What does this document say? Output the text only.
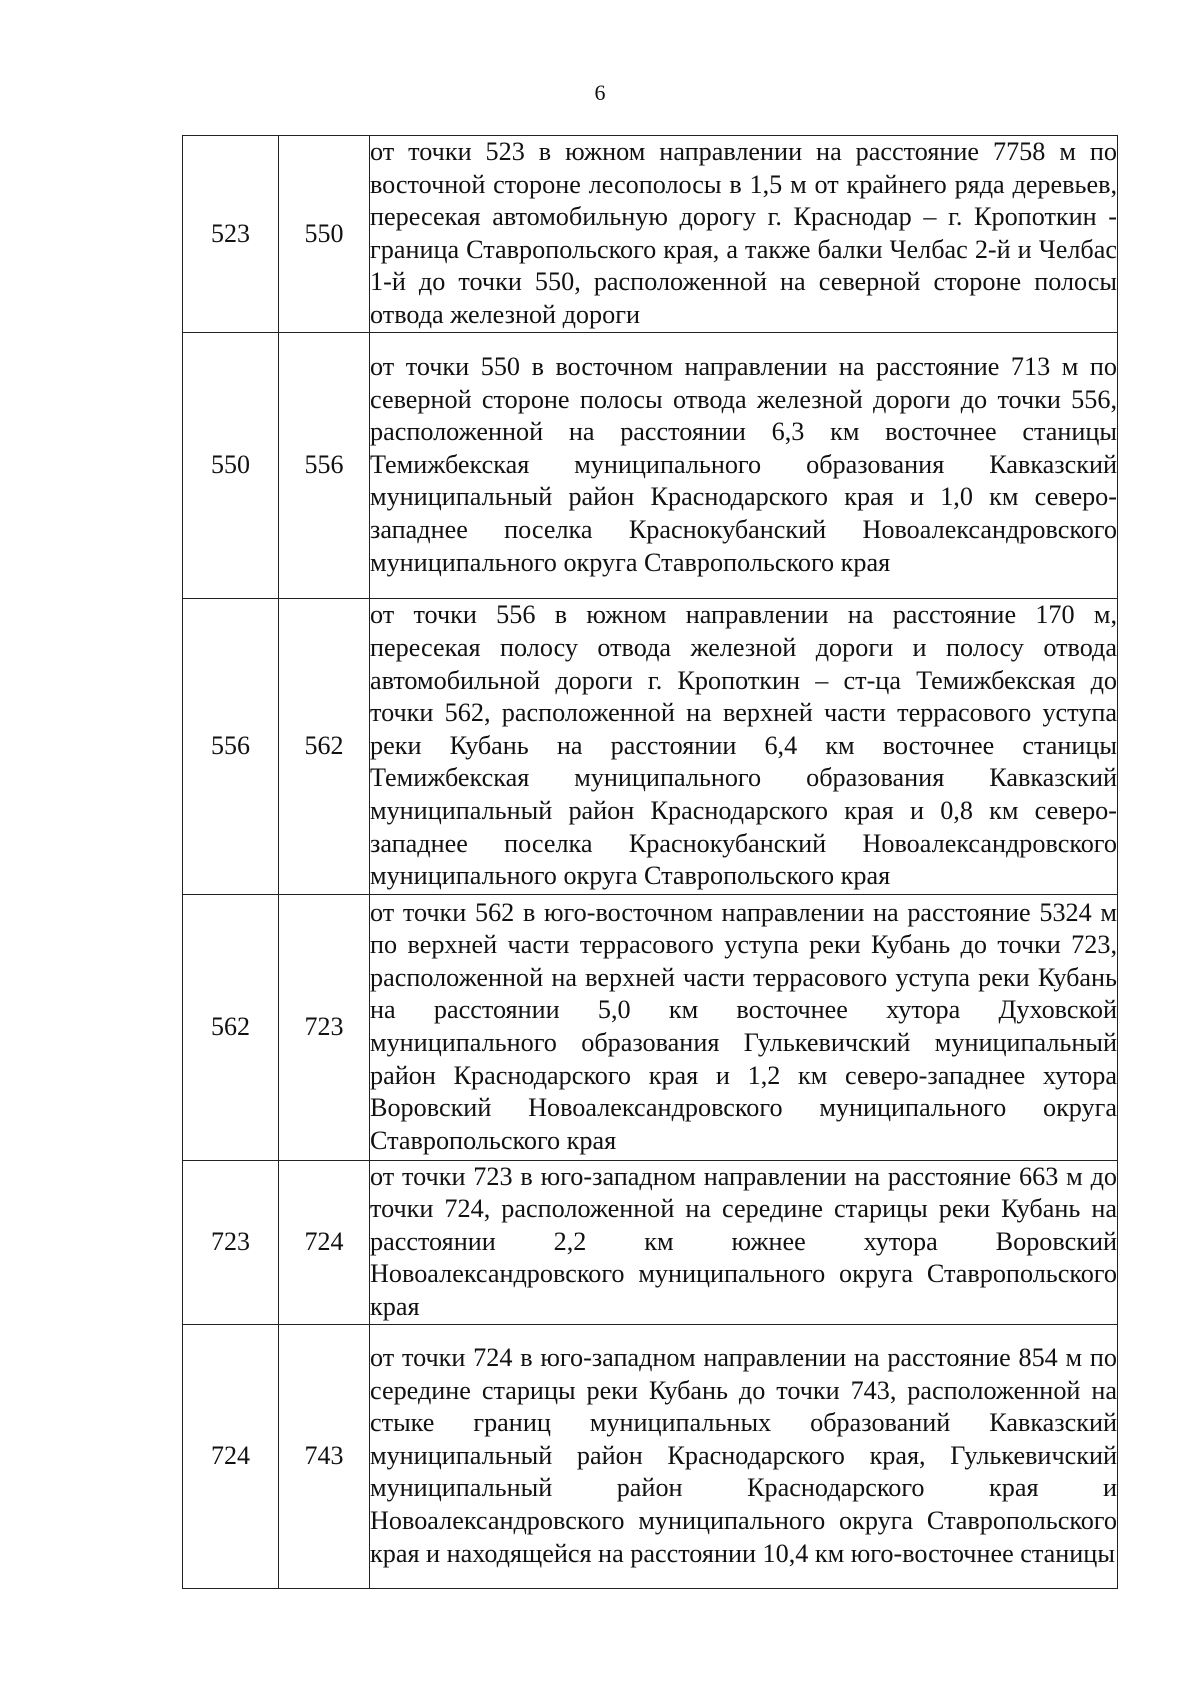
6
523	550	от точки 523 в южном направлении на расстояние 7758 м по восточной стороне лесополосы в 1,5 м от крайнего ряда деревьев, пересекая автомобильную дорогу г. Краснодар – г. Кропоткин - граница Ставропольского края, а также балки Челбас 2-й и Челбас 1-й до точки 550, расположенной на северной стороне полосы отвода железной дороги
550	556	от точки 550 в восточном направлении на расстояние 713 м по северной стороне полосы отвода железной дороги до точки 556, расположенной на расстоянии 6,3 км восточнее станицы Темижбекская муниципального образования Кавказский муниципальный район Краснодарского края и 1,0 км северо-западнее поселка Краснокубанский Новоалександровского муниципального округа Ставропольского края
556	562	от точки 556 в южном направлении на расстояние 170 м, пересекая полосу отвода железной дороги и полосу отвода автомобильной дороги г. Кропоткин – ст-ца Темижбекская до точки 562, расположенной на верхней части террасового уступа реки Кубань на расстоянии 6,4 км восточнее станицы Темижбекская муниципального образования Кавказский муниципальный район Краснодарского края и 0,8 км северо-западнее поселка Краснокубанский Новоалександровского муниципального округа Ставропольского края
562	723	от точки 562 в юго-восточном направлении на расстояние 5324 м по верхней части террасового уступа реки Кубань до точки 723, расположенной на верхней части террасового уступа реки Кубань на расстоянии 5,0 км восточнее хутора Духовской муниципального образования Гулькевичский муниципальный район Краснодарского края и 1,2 км северо-западнее хутора Воровский Новоалександровского муниципального округа Ставропольского края
723	724	от точки 723 в юго-западном направлении на расстояние 663 м до точки 724, расположенной на середине старицы реки Кубань на расстоянии 2,2 км южнее хутора Воровский Новоалександровского муниципального округа Ставропольского края
724	743	от точки 724 в юго-западном направлении на расстояние 854 м по середине старицы реки Кубань до точки 743, расположенной на стыке границ муниципальных образований Кавказский муниципальный район Краснодарского края, Гулькевичский муниципальный район Краснодарского края и Новоалександровского муниципального округа Ставропольского края и находящейся на расстоянии 10,4 км юго-восточнее станицы
